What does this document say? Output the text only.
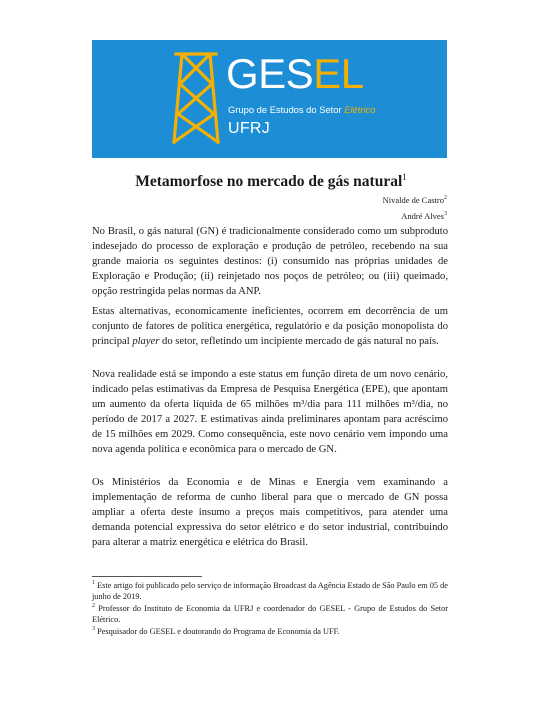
GESEL
Grupo de Estudos do Setor Elétrico
UFRJ
Metamorfose no mercado de gás natural$^1$
Nivalde de Castro$^2$
André Alves$^3$

No Brasil, o gás natural (GN) é tradicionalmente considerado como um subproduto indesejado do processo de exploração e produção de petróleo, recebendo na sua grande maioria os seguintes destinos: (i) consumido nas próprias unidades de Exploração e Produção; (ii) reinjetado nos poços de petróleo; ou (iii) queimado, opção restringida pelas normas da ANP.

Estas alternativas, economicamente ineficientes, ocorrem em decorrência de um conjunto de fatores de política energética, regulatório e da posição monopolista do principal player do setor, refletindo um incipiente mercado de gás natural no país.

Nova realidade está se impondo a este status em função direta de um novo cenário, indicado pelas estimativas da Empresa de Pesquisa Energética (EPE), que apontam um aumento da oferta líquida de 65 milhões m³/dia para 111 milhões m³/dia, no período de 2017 a 2027. E estimativas ainda preliminares apontam para acréscimo de 15 milhões em 2029. Como consequência, este novo cenário vem impondo uma nova agenda política e econômica para o mercado de GN.

Os Ministérios da Economia e de Minas e Energia vem examinando a implementação de reforma de cunho liberal para que o mercado de GN possa ampliar a oferta deste insumo a preços mais competitivos, para atender uma demanda potencial expressiva do setor elétrico e do setor industrial, contribuindo para alterar a matriz energética e elétrica do Brasil.

$^1$ Este artigo foi publicado pelo serviço de informação Broadcast da Agência Estado de São Paulo em 05 de junho de 2019.
$^2$ Professor do Instituto de Economia da UFRJ e coordenador do GESEL - Grupo de Estudos do Setor Elétrico.
$^3$ Pesquisador do GESEL e doutorando do Programa de Economia da UFF.
